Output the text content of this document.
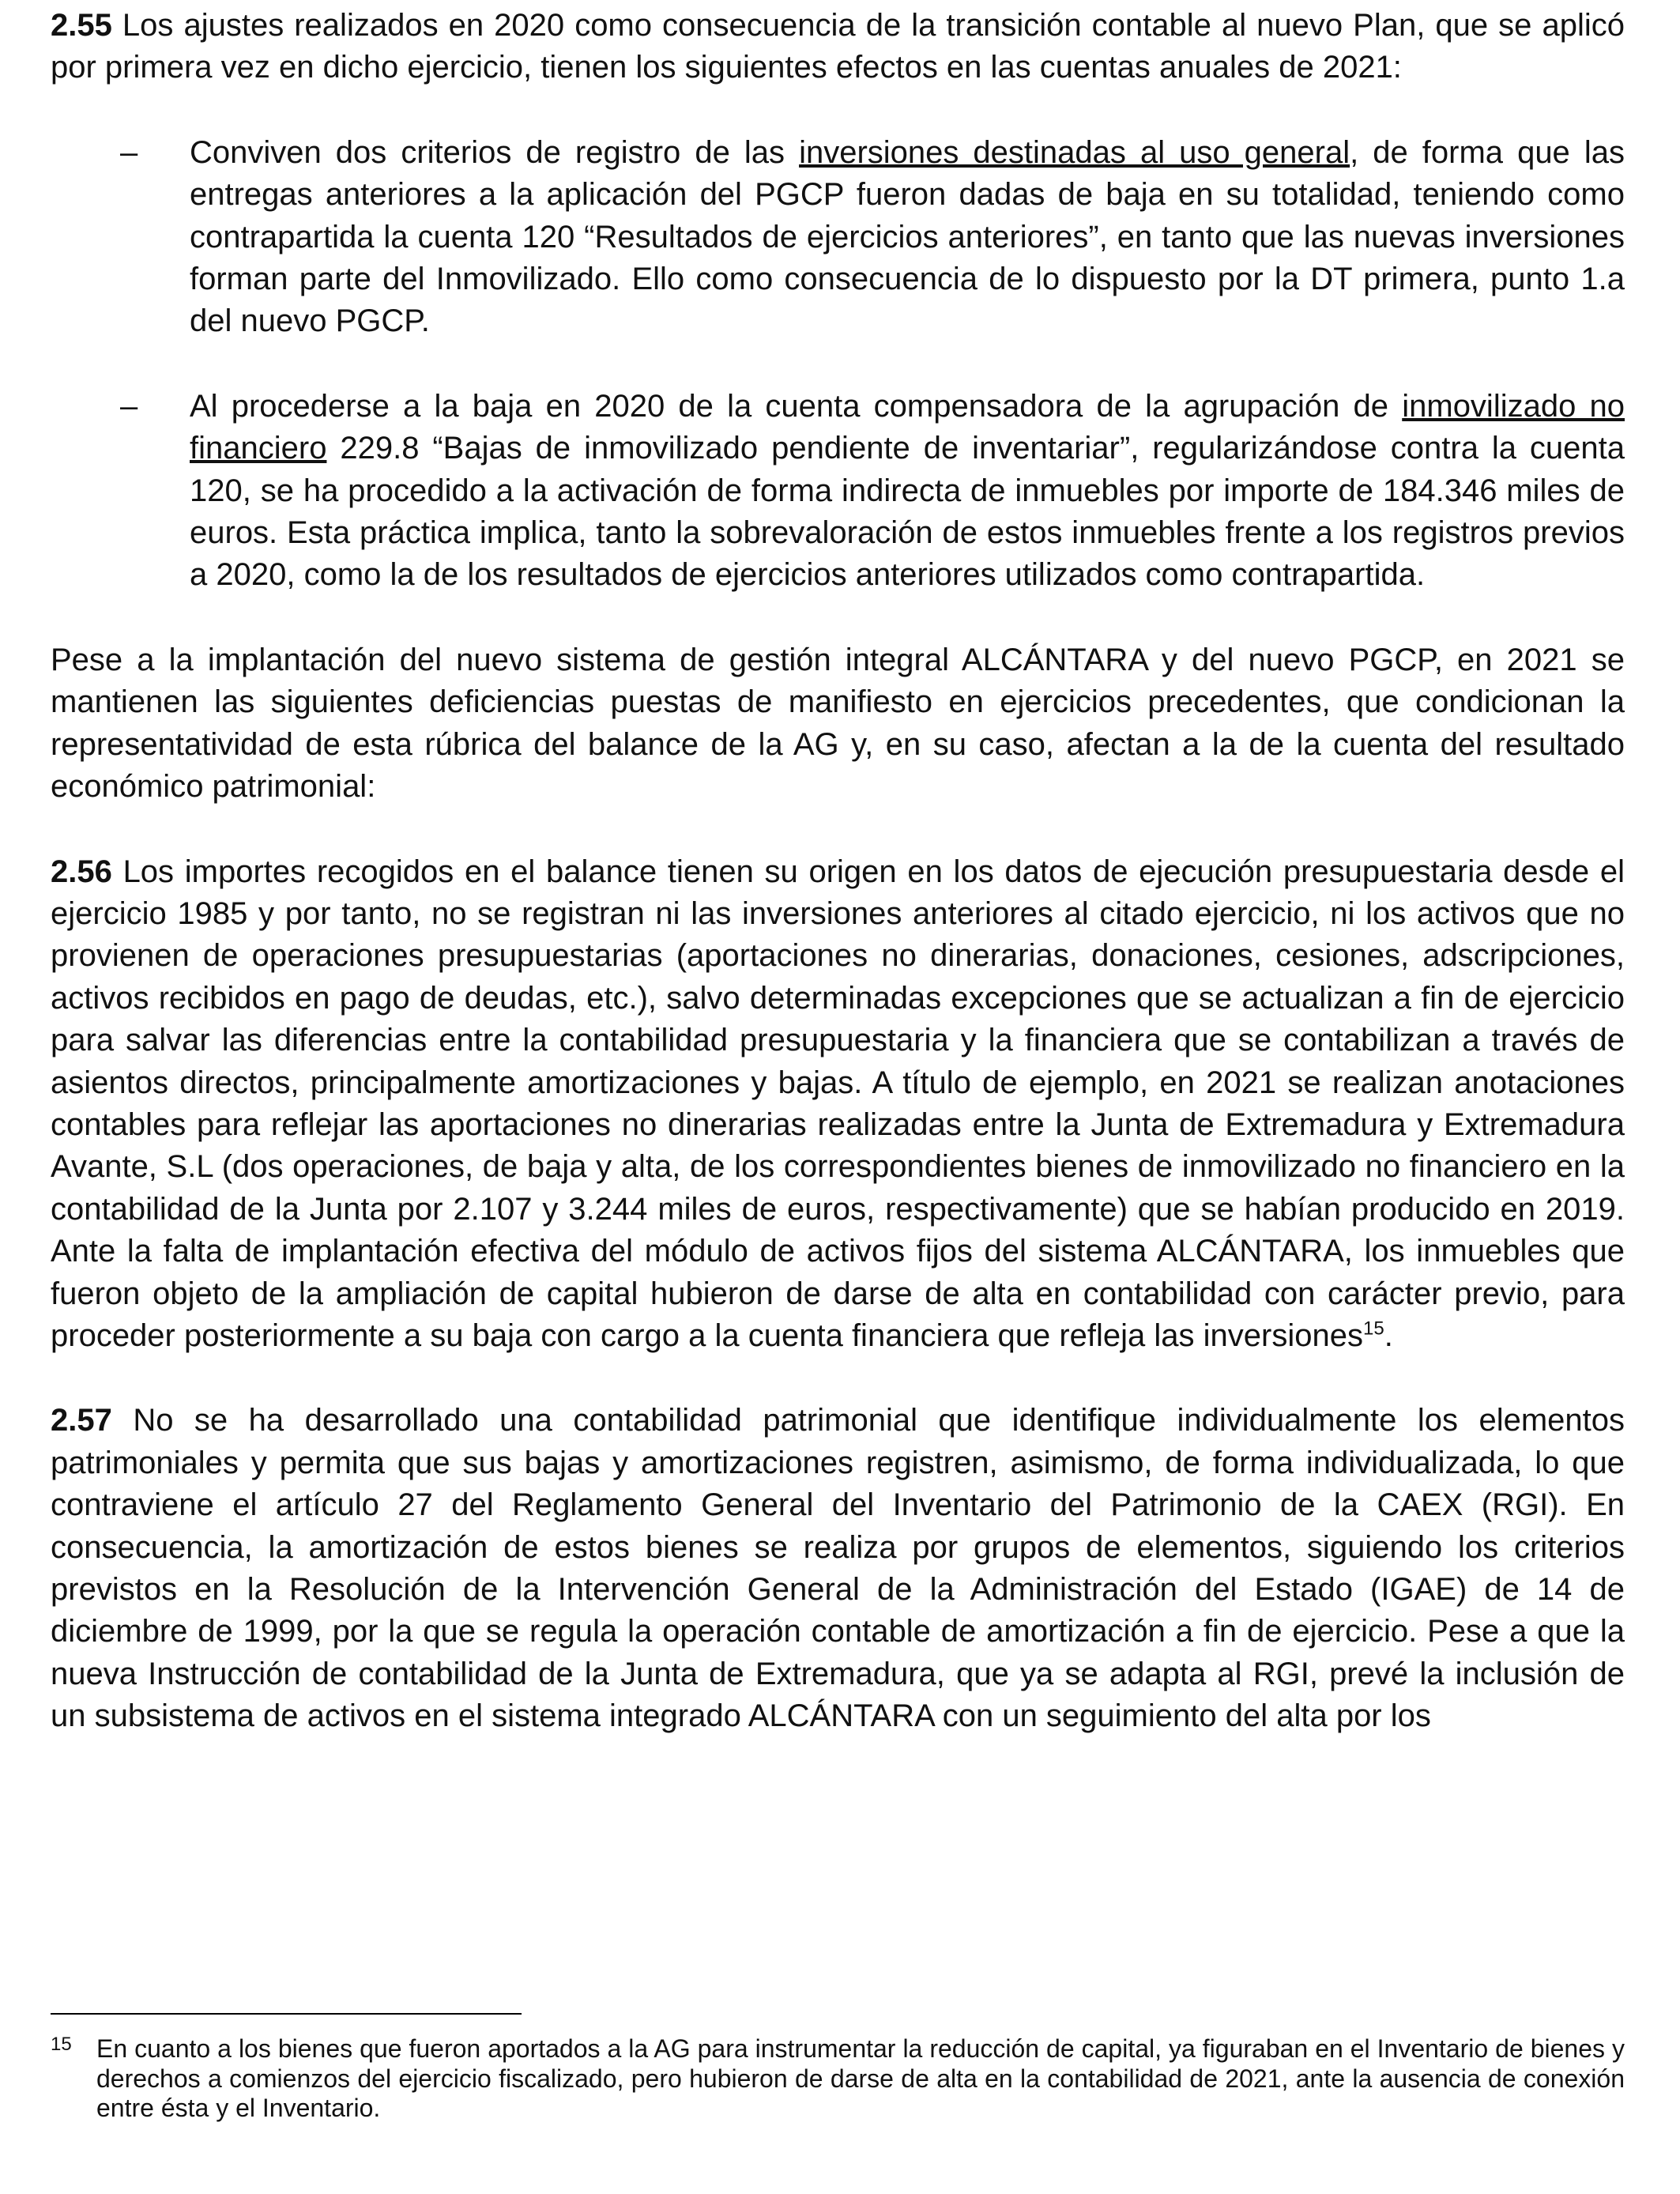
2.55 Los ajustes realizados en 2020 como consecuencia de la transición contable al nuevo Plan, que se aplicó por primera vez en dicho ejercicio, tienen los siguientes efectos en las cuentas anuales de 2021:

– Conviven dos criterios de registro de las inversiones destinadas al uso general, de forma que las entregas anteriores a la aplicación del PGCP fueron dadas de baja en su totalidad, teniendo como contrapartida la cuenta 120 “Resultados de ejercicios anteriores”, en tanto que las nuevas inversiones forman parte del Inmovilizado. Ello como consecuencia de lo dispuesto por la DT primera, punto 1.a del nuevo PGCP.
– Al procederse a la baja en 2020 de la cuenta compensadora de la agrupación de inmovilizado no financiero 229.8 “Bajas de inmovilizado pendiente de inventariar”, regularizándose contra la cuenta 120, se ha procedido a la activación de forma indirecta de inmuebles por importe de 184.346 miles de euros. Esta práctica implica, tanto la sobrevaloración de estos inmuebles frente a los registros previos a 2020, como la de los resultados de ejercicios anteriores utilizados como contrapartida.

Pese a la implantación del nuevo sistema de gestión integral ALCÁNTARA y del nuevo PGCP, en 2021 se mantienen las siguientes deficiencias puestas de manifiesto en ejercicios precedentes, que condicionan la representatividad de esta rúbrica del balance de la AG y, en su caso, afectan a la de la cuenta del resultado económico patrimonial:

2.56 Los importes recogidos en el balance tienen su origen en los datos de ejecución presupuestaria desde el ejercicio 1985 y por tanto, no se registran ni las inversiones anteriores al citado ejercicio, ni los activos que no provienen de operaciones presupuestarias (aportaciones no dinerarias, donaciones, cesiones, adscripciones, activos recibidos en pago de deudas, etc.), salvo determinadas excepciones que se actualizan a fin de ejercicio para salvar las diferencias entre la contabilidad presupuestaria y la financiera que se contabilizan a través de asientos directos, principalmente amortizaciones y bajas. A título de ejemplo, en 2021 se realizan anotaciones contables para reflejar las aportaciones no dinerarias realizadas entre la Junta de Extremadura y Extremadura Avante, S.L (dos operaciones, de baja y alta, de los correspondientes bienes de inmovilizado no financiero en la contabilidad de la Junta por 2.107 y 3.244 miles de euros, respectivamente) que se habían producido en 2019. Ante la falta de implantación efectiva del módulo de activos fijos del sistema ALCÁNTARA, los inmuebles que fueron objeto de la ampliación de capital hubieron de darse de alta en contabilidad con carácter previo, para proceder posteriormente a su baja con cargo a la cuenta financiera que refleja las inversiones$^{15}$.

2.57 No se ha desarrollado una contabilidad patrimonial que identifique individualmente los elementos patrimoniales y permita que sus bajas y amortizaciones registren, asimismo, de forma individualizada, lo que contraviene el artículo 27 del Reglamento General del Inventario del Patrimonio de la CAEX (RGI). En consecuencia, la amortización de estos bienes se realiza por grupos de elementos, siguiendo los criterios previstos en la Resolución de la Intervención General de la Administración del Estado (IGAE) de 14 de diciembre de 1999, por la que se regula la operación contable de amortización a fin de ejercicio. Pese a que la nueva Instrucción de contabilidad de la Junta de Extremadura, que ya se adapta al RGI, prevé la inclusión de un subsistema de activos en el sistema integrado ALCÁNTARA con un seguimiento del alta por los

15 En cuanto a los bienes que fueron aportados a la AG para instrumentar la reducción de capital, ya figuraban en el Inventario de bienes y derechos a comienzos del ejercicio fiscalizado, pero hubieron de darse de alta en la contabilidad de 2021, ante la ausencia de conexión entre ésta y el Inventario.
